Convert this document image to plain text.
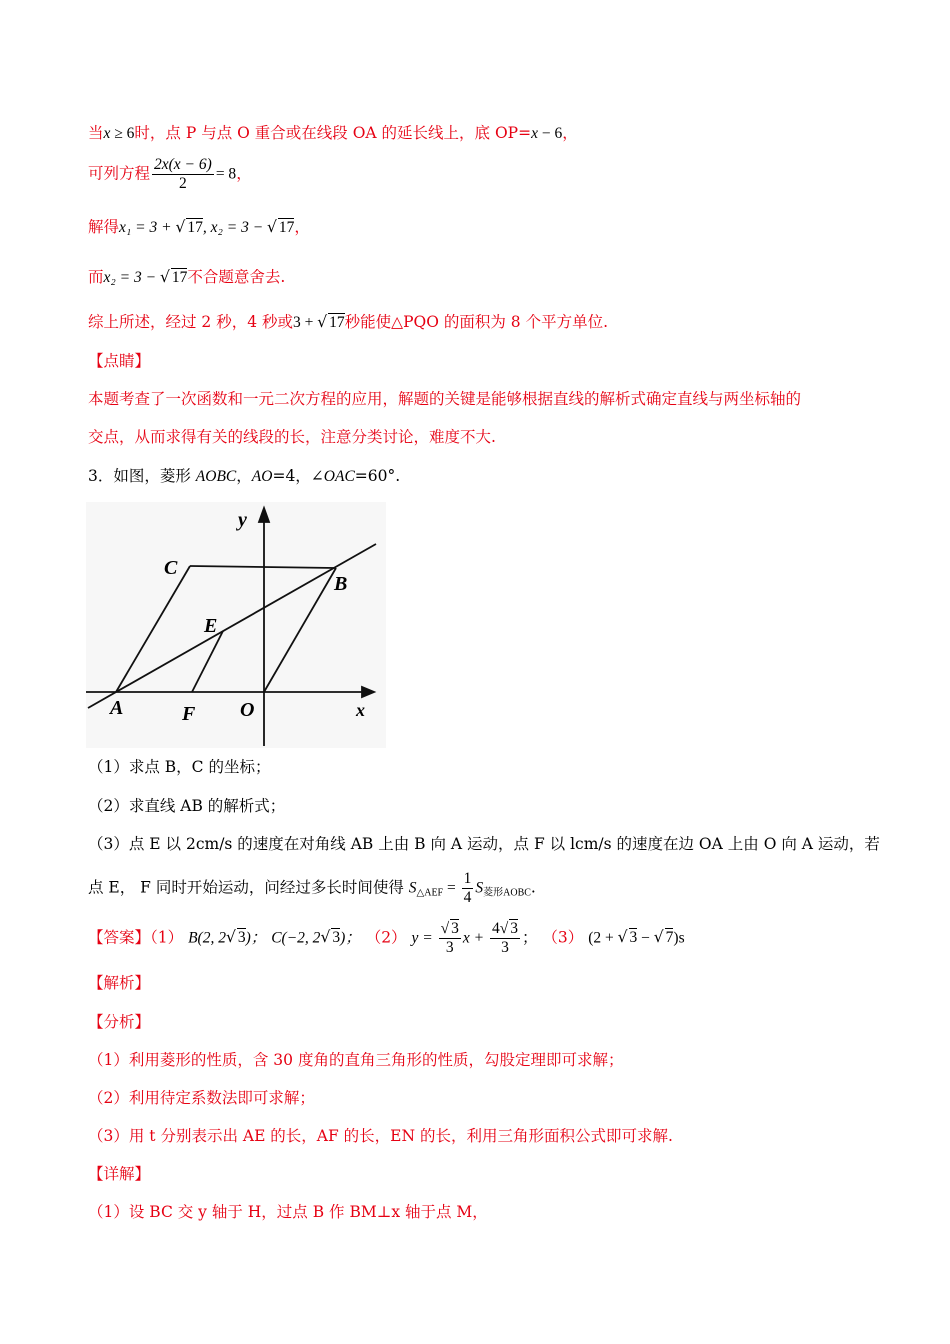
当x ≥ 6时，点 P 与点 O 重合或在线段 OA 的延长线上，底 OP=x − 6，
可列方程 $\frac{2x(x - 6)}{2} = 8$，
解得x₁ = 3 + √ 17, x₂ = 3 − √ 17，
而x₂ = 3 − √ 17不合题意舍去.
综上所述，经过 2 秒，4 秒或3 + √ 17秒能使△PQO 的面积为 8 个平方单位.
【点睛】
本题考查了一次函数和一元二次方程的应用，解题的关键是能够根据直线的解析式确定直线与两坐标轴的
交点，从而求得有关的线段的长，注意分类讨论，难度不大.
3．如图，菱形 AOBC，AO=4，∠OAC=60°.
y
x
C
B
E
A	F O
（1）求点 B，C 的坐标；
（2）求直线 AB 的解析式；
（3）点 E 以 2cm/s 的速度在对角线 AB 上由 B 向 A 运动，点 F 以 lcm/s 的速度在边 OA 上由 O 向 A 运动，若
点 E， F 同时开始运动，问经过多长时间使得 $S_{\triangle AEF} = \frac{1}{4} S_{菱形AOBC}$.
【答案】（1） B(2, 2√ 3)； C(−2, 2√ 3)； （2） $y = \frac{√ 3}{3}$ $x + \frac{4√ 3}{3}$ ； （3） (2 + √ 3 − √ 7)s
【解析】
【分析】
（1）利用菱形的性质，含 30 度角的直角三角形的性质，勾股定理即可求解；
（2）利用待定系数法即可求解；
（3）用 t 分别表示出 AE 的长，AF 的长，EN 的长，利用三角形面积公式即可求解.
【详解】
（1）设 BC 交 y 轴于 H，过点 B 作 BM⊥x 轴于点 M，
